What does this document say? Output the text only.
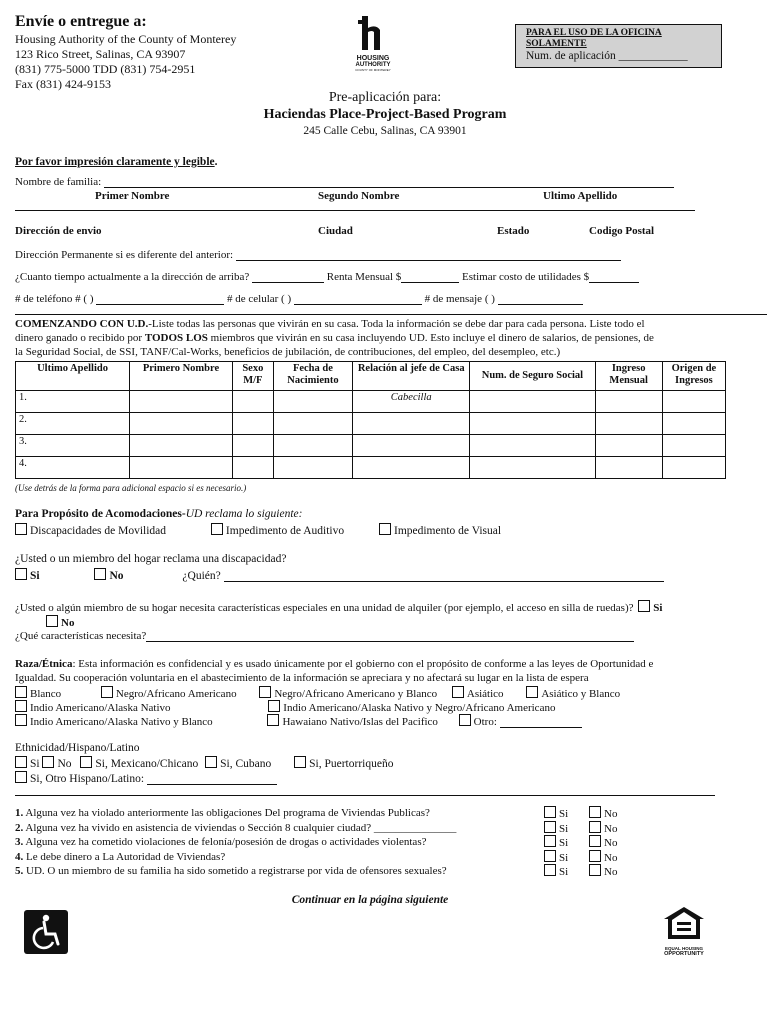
Envíe o entregue a:
Housing Authority of the County of Monterey
123 Rico Street, Salinas, CA 93907
(831) 775-5000 TDD (831) 754-2951
Fax (831) 424-9153
HOUSING
AUTHORITY
COUNTY OF MONTEREY
PARA EL USO DE LA OFICINA SOLAMENTE
Num. de aplicación ____________
Pre-aplicación para:
Haciendas Place-Project-Based Program
245 Calle Cebu, Salinas, CA 93901
Por favor impresión claramente y legible.
Nombre de familia:
Primer Nombre	Segundo Nombre	Ultimo Apellido
Dirección de envio	Ciudad	Estado	Codigo Postal
Dirección Permanente si es diferente del anterior:
¿Cuanto tiempo actualmente a la dirección de arriba?	Renta Mensual $	Estimar costo de utilidades $
# de teléfono # ( )	# de celular ( )	# de mensaje ( )
COMENZANDO CON U.D.-Liste todas las personas que vivirán en su casa. Toda la información se debe dar para cada persona. Liste todo el
dinero ganado o recibido por TODOS LOS miembros que vivirán en su casa incluyendo UD. Esto incluye el dinero de salarios, de pensiones, de
la Seguridad Social, de SSI, TANF/Cal-Works, beneficios de jubilación, de contribuciones, del empleo, del desempleo, etc.)
Ultimo Apellido	Primero Nombre	Sexo M/F	Fecha de Nacimiento	Relación al jefe de Casa	Num. de Seguro Social	Ingreso Mensual	Origen de Ingresos
1.				Cabecilla			
2.							
3.							
4.							
(Use detrás de la forma para adicional espacio si es necesario.)
Para Propósito de Acomodaciones-UD reclama lo siguiente:
Discapacidades de Movilidad	Impedimento de Auditivo	Impedimento de Visual
¿Usted o un miembro del hogar reclama una discapacidad?
Si	No	¿Quién?
¿Usted o algún miembro de su hogar necesita características especiales en una unidad de alquiler (por ejemplo, el acceso en silla de ruedas)? Si
No
¿Qué características necesita?
Raza/Étnica: Esta información es confidencial y es usado únicamente por el gobierno con el propósito de conforme a las leyes de Oportunidad e
Igualdad. Su cooperación voluntaria en el abastecimiento de la información se apreciara y no afectará su lugar en la lista de espera
Blanco	Negro/Africano Americano	Negro/Africano Americano y Blanco	Asiático	Asiático y Blanco
Indio Americano/Alaska Nativo	Indio Americano/Alaska Nativo y Negro/Africano Americano
Indio Americano/Alaska Nativo y Blanco	Hawaiano Nativo/Islas del Pacifico	Otro:
Ethnicidad/Hispano/Latino
Si No Si, Mexicano/Chicano Si, Cubano	Si, Puertorriqueño
Si, Otro Hispano/Latino:
1. Alguna vez ha violado anteriormente las obligaciones Del programa de Viviendas Publicas?	Si	No
2. Alguna vez ha vivido en asistencia de viviendas o Sección 8 cualquier ciudad? _______________	Si	No
3. Alguna vez ha cometido violaciones de felonía/posesión de drogas o actividades violentas?	Si	No
4. Le debe dinero a La Autoridad de Viviendas?	Si	No
5. UD. O un miembro de su familia ha sido sometido a registrarse por vida de ofensores sexuales?	Si	No
Continuar en la página siguiente
EQUAL HOUSING
OPPORTUNITY
